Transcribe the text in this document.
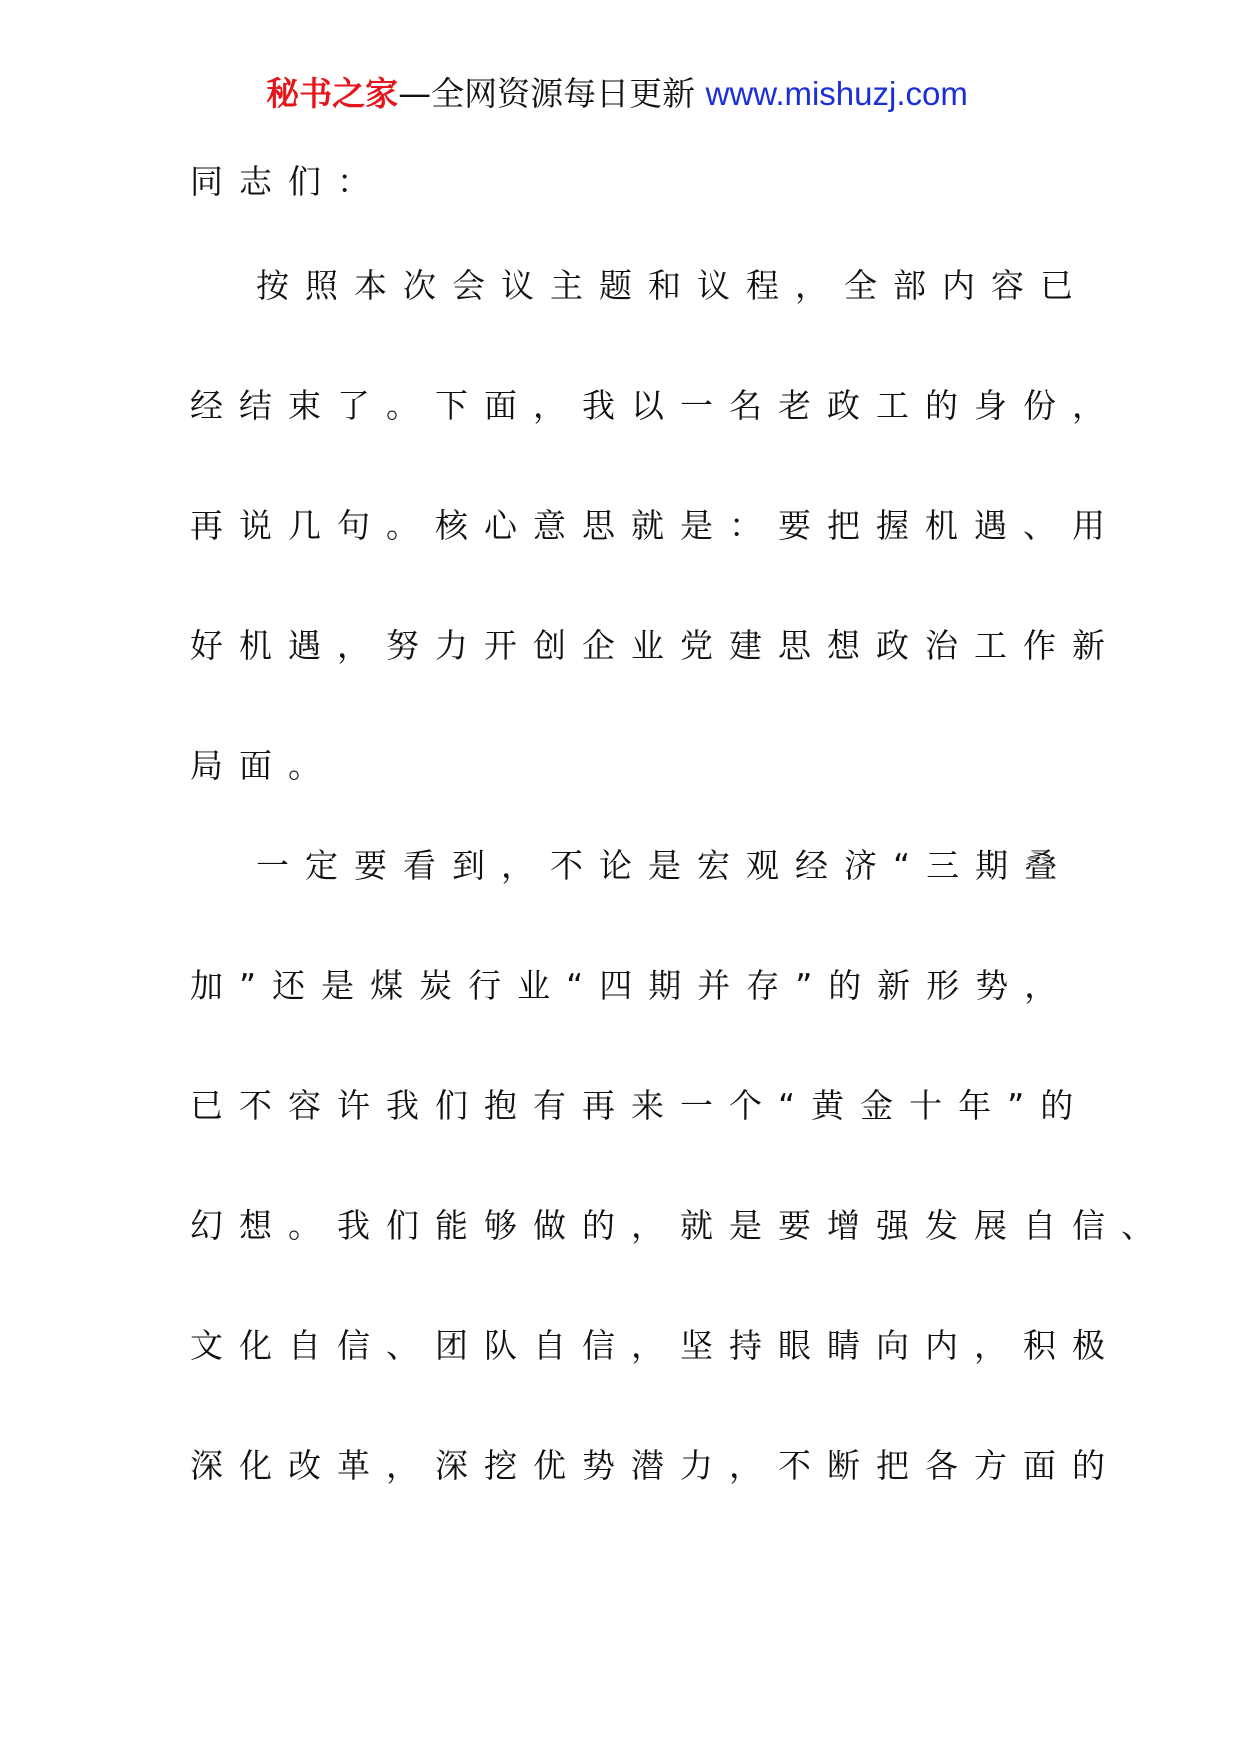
秘书之家—全网资源每日更新 www.mishuzj.com
同志们：
按照本次会议主题和议程，全部内容已
经结束了。下面，我以一名老政工的身份，
再说几句。核心意思就是：要把握机遇、用
好机遇，努力开创企业党建思想政治工作新
局面。
一定要看到，不论是宏观经济“三期叠
加”还是煤炭行业“四期并存”的新形势，
已不容许我们抱有再来一个“黄金十年”的
幻想。我们能够做的，就是要增强发展自信、
文化自信、团队自信，坚持眼睛向内，积极
深化改革，深挖优势潜力，不断把各方面的
